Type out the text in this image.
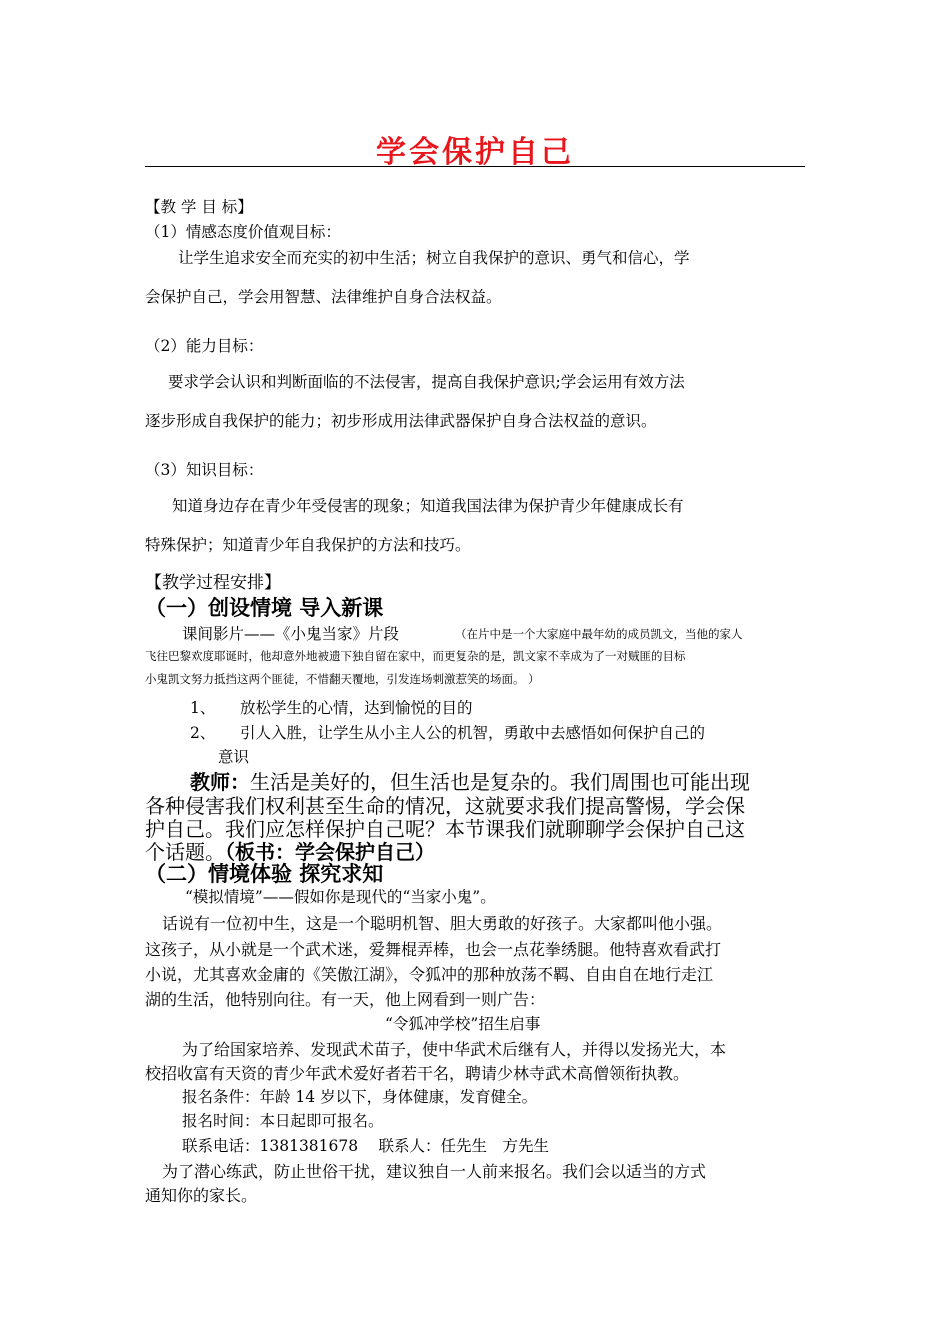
学会保护自己
【教 学 目 标】
（1）情感态度价值观目标：
让学生追求安全而充实的初中生活；树立自我保护的意识、勇气和信心，学
会保护自己，学会用智慧、法律维护自身合法权益。
（2）能力目标：
要求学会认识和判断面临的不法侵害，提高自我保护意识;学会运用有效方法
逐步形成自我保护的能力；初步形成用法律武器保护自身合法权益的意识。
（3）知识目标：
知道身边存在青少年受侵害的现象；知道我国法律为保护青少年健康成长有
特殊保护；知道青少年自我保护的方法和技巧。
【教学过程安排】
（一）创设情境 导入新课
课间影片——《小鬼当家》片段	（在片中是一个大家庭中最年幼的成员凯文，当他的家人
飞往巴黎欢度耶诞时，他却意外地被遗下独自留在家中，而更复杂的是，凯文家不幸成为了一对贼匪的目标
小鬼凯文努力抵挡这两个匪徒，不惜翻天覆地，引发连场刺激惹笑的场面。 ）
1、 放松学生的心情，达到愉悦的目的
2、 引人入胜，让学生从小主人公的机智，勇敢中去感悟如何保护自己的
意识
教师：生活是美好的，但生活也是复杂的。我们周围也可能出现
各种侵害我们权利甚至生命的情况，这就要求我们提高警惕，学会保
护自己。我们应怎样保护自己呢？本节课我们就聊聊学会保护自己这
个话题。（板书：学会保护自己）
（二）情境体验 探究求知
“模拟情境”——假如你是现代的“当家小鬼”。
话说有一位初中生，这是一个聪明机智、胆大勇敢的好孩子。大家都叫他小强。
这孩子，从小就是一个武术迷，爱舞棍弄棒，也会一点花拳绣腿。他特喜欢看武打
小说，尤其喜欢金庸的《笑傲江湖》，令狐冲的那种放荡不羁、自由自在地行走江
湖的生活，他特别向往。有一天，他上网看到一则广告：
“令狐冲学校”招生启事
为了给国家培养、发现武术苗子，使中华武术后继有人，并得以发扬光大，本
校招收富有天资的青少年武术爱好者若干名，聘请少林寺武术高僧领衔执教。
报名条件：年龄 14 岁以下，身体健康，发育健全。
报名时间：本日起即可报名。
联系电话：1381381678　 联系人：任先生　方先生
为了潜心练武，防止世俗干扰，建议独自一人前来报名。我们会以适当的方式
通知你的家长。
